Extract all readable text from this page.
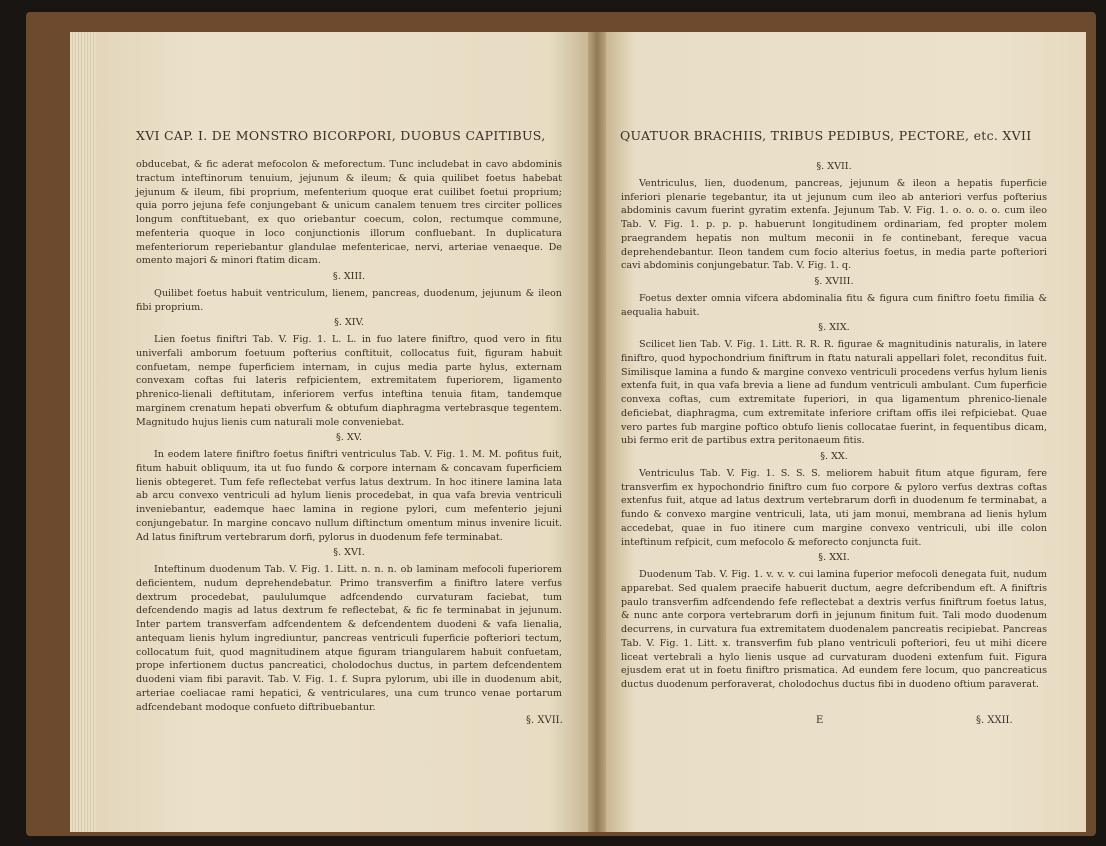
XVI CAP. I. DE MONSTRO BICORPORI, DUOBUS CAPITIBUS,

obducebat, & fic aderat mefocolon & meforectum. Tunc includebat in cavo abdominis tractum inteftinorum tenuium, jejunum & ileum; & quia quilibet foetus habebat jejunum & ileum, fibi proprium, mefenterium quoque erat cuilibet foetui proprium; quia porro jejuna fefe conjungebant & unicum canalem tenuem tres circiter pollices longum conftituebant, ex quo oriebantur coecum, colon, rectumque commune, mefenteria quoque in loco conjunctionis illorum confluebant. In duplicatura mefenteriorum reperiebantur glandulae mefentericae, nervi, arteriae venaeque. De omento majori & minori ftatim dicam.

§. XIII.

Quilibet foetus habuit ventriculum, lienem, pancreas, duodenum, jejunum & ileon fibi proprium.

§. XIV.

Lien foetus finiftri Tab. V. Fig. 1. L. L. in fuo latere finiftro, quod vero in fitu univerfali amborum foetuum pofterius conftituit, collocatus fuit, figuram habuit confuetam, nempe fuperficiem internam, in cujus media parte hylus, externam convexam coftas fui lateris refpicientem, extremitatem fuperiorem, ligamento phrenico-lienali deftitutam, inferiorem verfus inteftina tenuia fitam, tandemque marginem crenatum hepati obverfum & obtufum diaphragma vertebrasque tegentem. Magnitudo hujus lienis cum naturali mole conveniebat.

§. XV.

In eodem latere finiftro foetus finiftri ventriculus Tab. V. Fig. 1. M. M. pofitus fuit, fitum habuit obliquum, ita ut fuo fundo & corpore internam & concavam fuperficiem lienis obtegeret. Tum fefe reflectebat verfus latus dextrum. In hoc itinere lamina lata ab arcu convexo ventriculi ad hylum lienis procedebat, in qua vafa brevia ventriculi inveniebantur, eademque haec lamina in regione pylori, cum mefenterio jejuni conjungebatur. In margine concavo nullum diftinctum omentum minus invenire licuit. Ad latus finiftrum vertebrarum dorfi, pylorus in duodenum fefe terminabat.

§. XVI.

Inteftinum duodenum Tab. V. Fig. 1. Litt. n. n. n. ob laminam mefocoli fuperiorem deficientem, nudum deprehendebatur. Primo transverfim a finiftro latere verfus dextrum procedebat, paululumque adfcendendo curvaturam faciebat, tum defcendendo magis ad latus dextrum fe reflectebat, & fic fe terminabat in jejunum. Inter partem transverfam adfcendentem & defcendentem duodeni & vafa lienalia, antequam lienis hylum ingrediuntur, pancreas ventriculi fuperficie pofteriori tectum, collocatum fuit, quod magnitudinem atque figuram triangularem habuit confuetam, prope infertionem ductus pancreatici, cholodochus ductus, in partem defcendentem duodeni viam fibi paravit. Tab. V. Fig. 1. f. Supra pylorum, ubi ille in duodenum abit, arteriae coeliacae rami hepatici, & ventriculares, una cum trunco venae portarum adfcendebant modoque confueto diftribuebantur.

§. XVII.
QUATUOR BRACHIIS, TRIBUS PEDIBUS, PECTORE, etc. XVII
§. XVII.

Ventriculus, lien, duodenum, pancreas, jejunum & ileon a hepatis fuperficie inferiori plenarie tegebantur, ita ut jejunum cum ileo ab anteriori verfus pofterius abdominis cavum fuerint gyratim extenfa. Jejunum Tab. V. Fig. 1. o. o. o. o. cum ileo Tab. V. Fig. 1. p. p. p. habuerunt longitudinem ordinariam, fed propter molem praegrandem hepatis non multum meconii in fe continebant, fereque vacua deprehendebantur. Ileon tandem cum focio alterius foetus, in media parte pofteriori cavi abdominis conjungebatur. Tab. V. Fig. 1. q.

§. XVIII.

Foetus dexter omnia vifcera abdominalia fitu & figura cum finiftro foetu fimilia & aequalia habuit.

§. XIX.

Scilicet lien Tab. V. Fig. 1. Litt. R. R. R. figurae & magnitudinis naturalis, in latere finiftro, quod hypochondrium finiftrum in ftatu naturali appellari folet, reconditus fuit. Similisque lamina a fundo & margine convexo ventriculi procedens verfus hylum lienis extenfa fuit, in qua vafa brevia a liene ad fundum ventriculi ambulant. Cum fuperficie convexa coftas, cum extremitate fuperiori, in qua ligamentum phrenico-lienale deficiebat, diaphragma, cum extremitate inferiore criftam offis ilei refpiciebat. Quae vero partes fub margine poftico obtufo lienis collocatae fuerint, in fequentibus dicam, ubi fermo erit de partibus extra peritonaeum fitis.

§. XX.

Ventriculus Tab. V. Fig. 1. S. S. S. meliorem habuit fitum atque figuram, fere transverfim ex hypochondrio finiftro cum fuo corpore & pyloro verfus dextras coftas extenfus fuit, atque ad latus dextrum vertebrarum dorfi in duodenum fe terminabat, a fundo & convexo margine ventriculi, lata, uti jam monui, membrana ad lienis hylum accedebat, quae in fuo itinere cum margine convexo ventriculi, ubi ille colon inteftinum refpicit, cum mefocolo & meforecto conjuncta fuit.

§. XXI.

Duodenum Tab. V. Fig. 1. v. v. v. cui lamina fuperior mefocoli denegata fuit, nudum apparebat. Sed qualem praecife habuerit ductum, aegre defcribendum eft. A finiftris paulo transverfim adfcendendo fefe reflectebat a dextris verfus finiftrum foetus latus, & nunc ante corpora vertebrarum dorfi in jejunum finitum fuit. Tali modo duodenum decurrens, in curvatura fua extremitatem duodenalem pancreatis recipiebat. Pancreas Tab. V. Fig. 1. Litt. x. transverfim fub plano ventriculi pofteriori, feu ut mihi dicere liceat vertebrali a hylo lienis usque ad curvaturam duodeni extenfum fuit. Figura ejusdem erat ut in foetu finiftro prismatica. Ad eundem fere locum, quo pancreaticus ductus duodenum perforaverat, cholodochus ductus fibi in duodeno oftium paraverat.

E	§. XXII.
